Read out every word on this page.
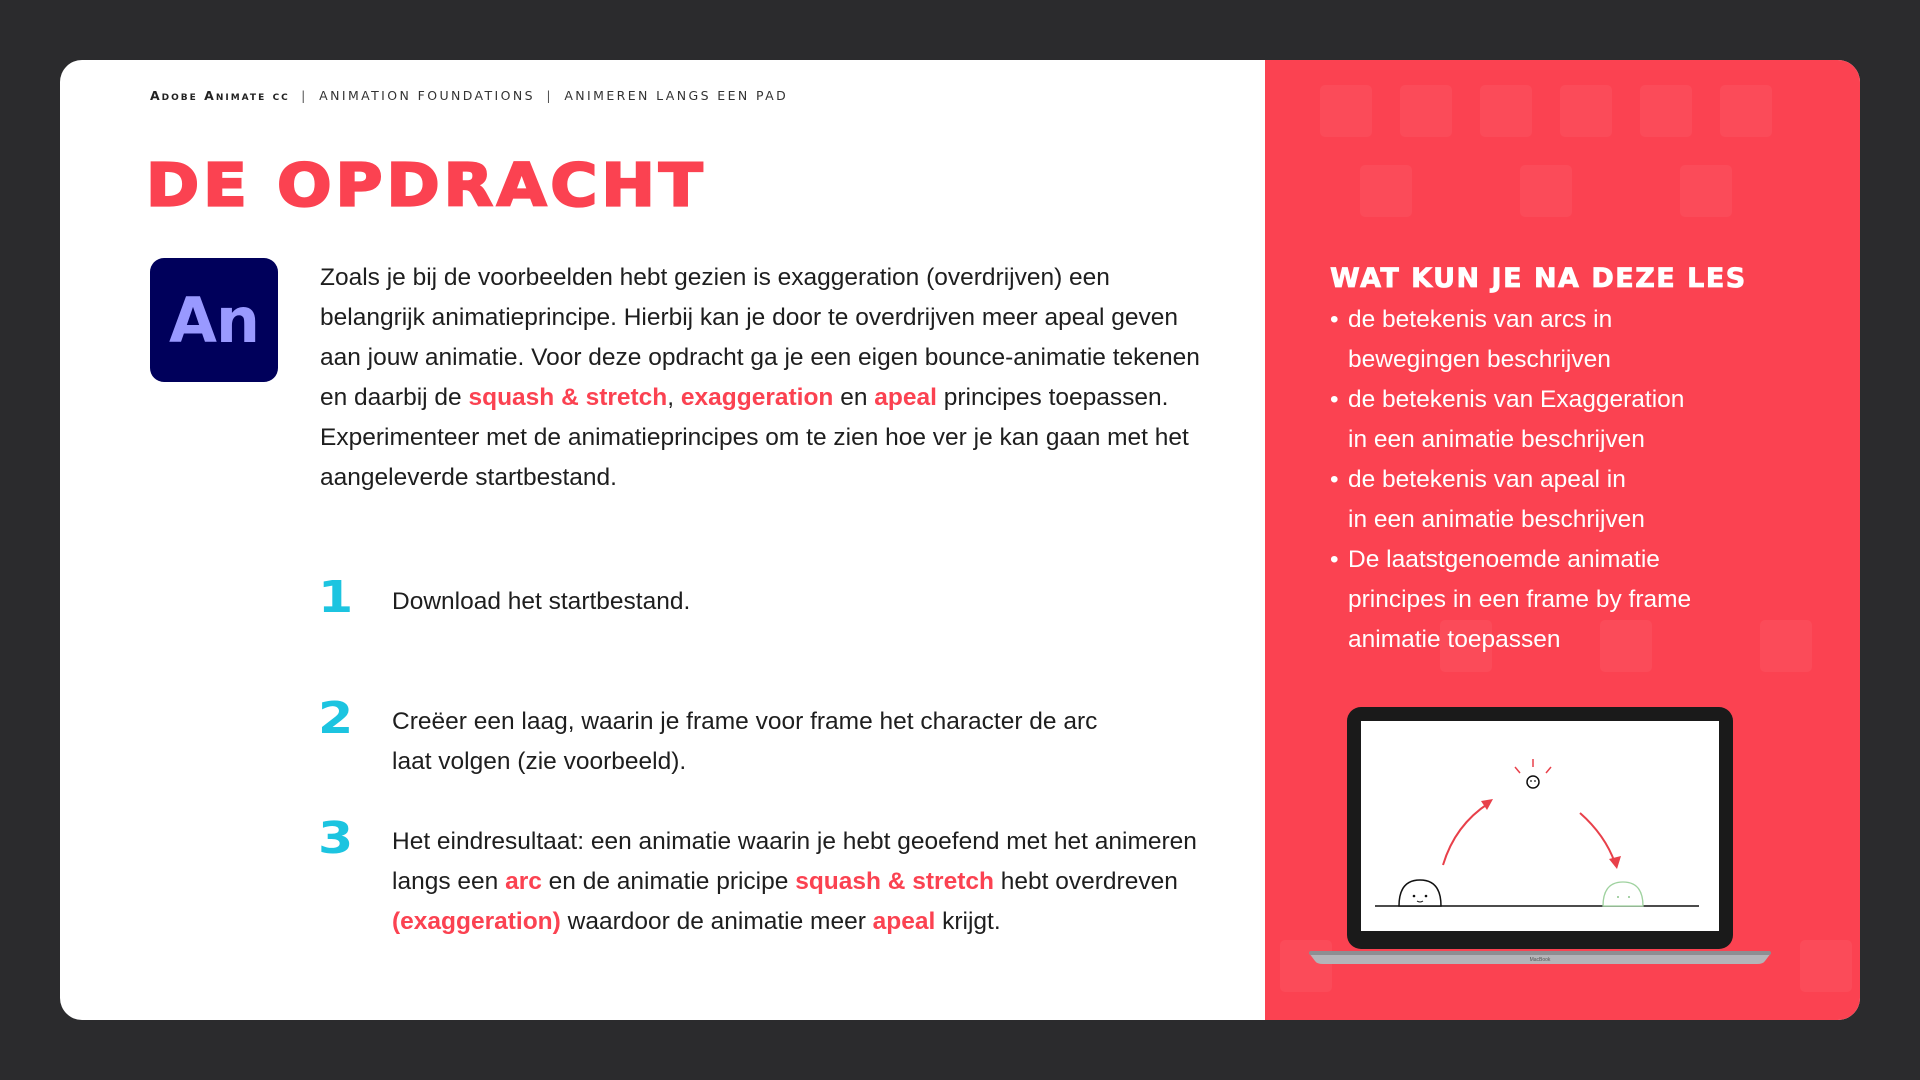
Adobe Animate cc | ANIMATION FOUNDATIONS | ANIMEREN LANGS EEN PAD
DE OPDRACHT
An

Zoals je bij de voorbeelden hebt gezien is exaggeration (overdrijven) een belangrijk animatieprincipe. Hierbij kan je door te overdrijven meer apeal geven aan jouw animatie. Voor deze opdracht ga je een eigen bounce-animatie tekenen en daarbij de squash & stretch, exaggeration en apeal principes toepassen. Experimenteer met de animatieprincipes om te zien hoe ver je kan gaan met het aangeleverde startbestand.

1 Download het startbestand.

2 Creëer een laag, waarin je frame voor frame het character de arc
laat volgen (zie voorbeeld).

3 Het eindresultaat: een animatie waarin je hebt geoefend met het animeren langs een arc en de animatie pricipe squash & stretch hebt overdreven (exaggeration) waardoor de animatie meer apeal krijgt.

WAT KUN JE NA DEZE LES
• de betekenis van arcs in
bewegingen beschrijven
• de betekenis van Exaggeration
in een animatie beschrijven
• de betekenis van apeal in
in een animatie beschrijven
• De laatstgenoemde animatie
principes in een frame by frame
animatie toepassen
MacBook
